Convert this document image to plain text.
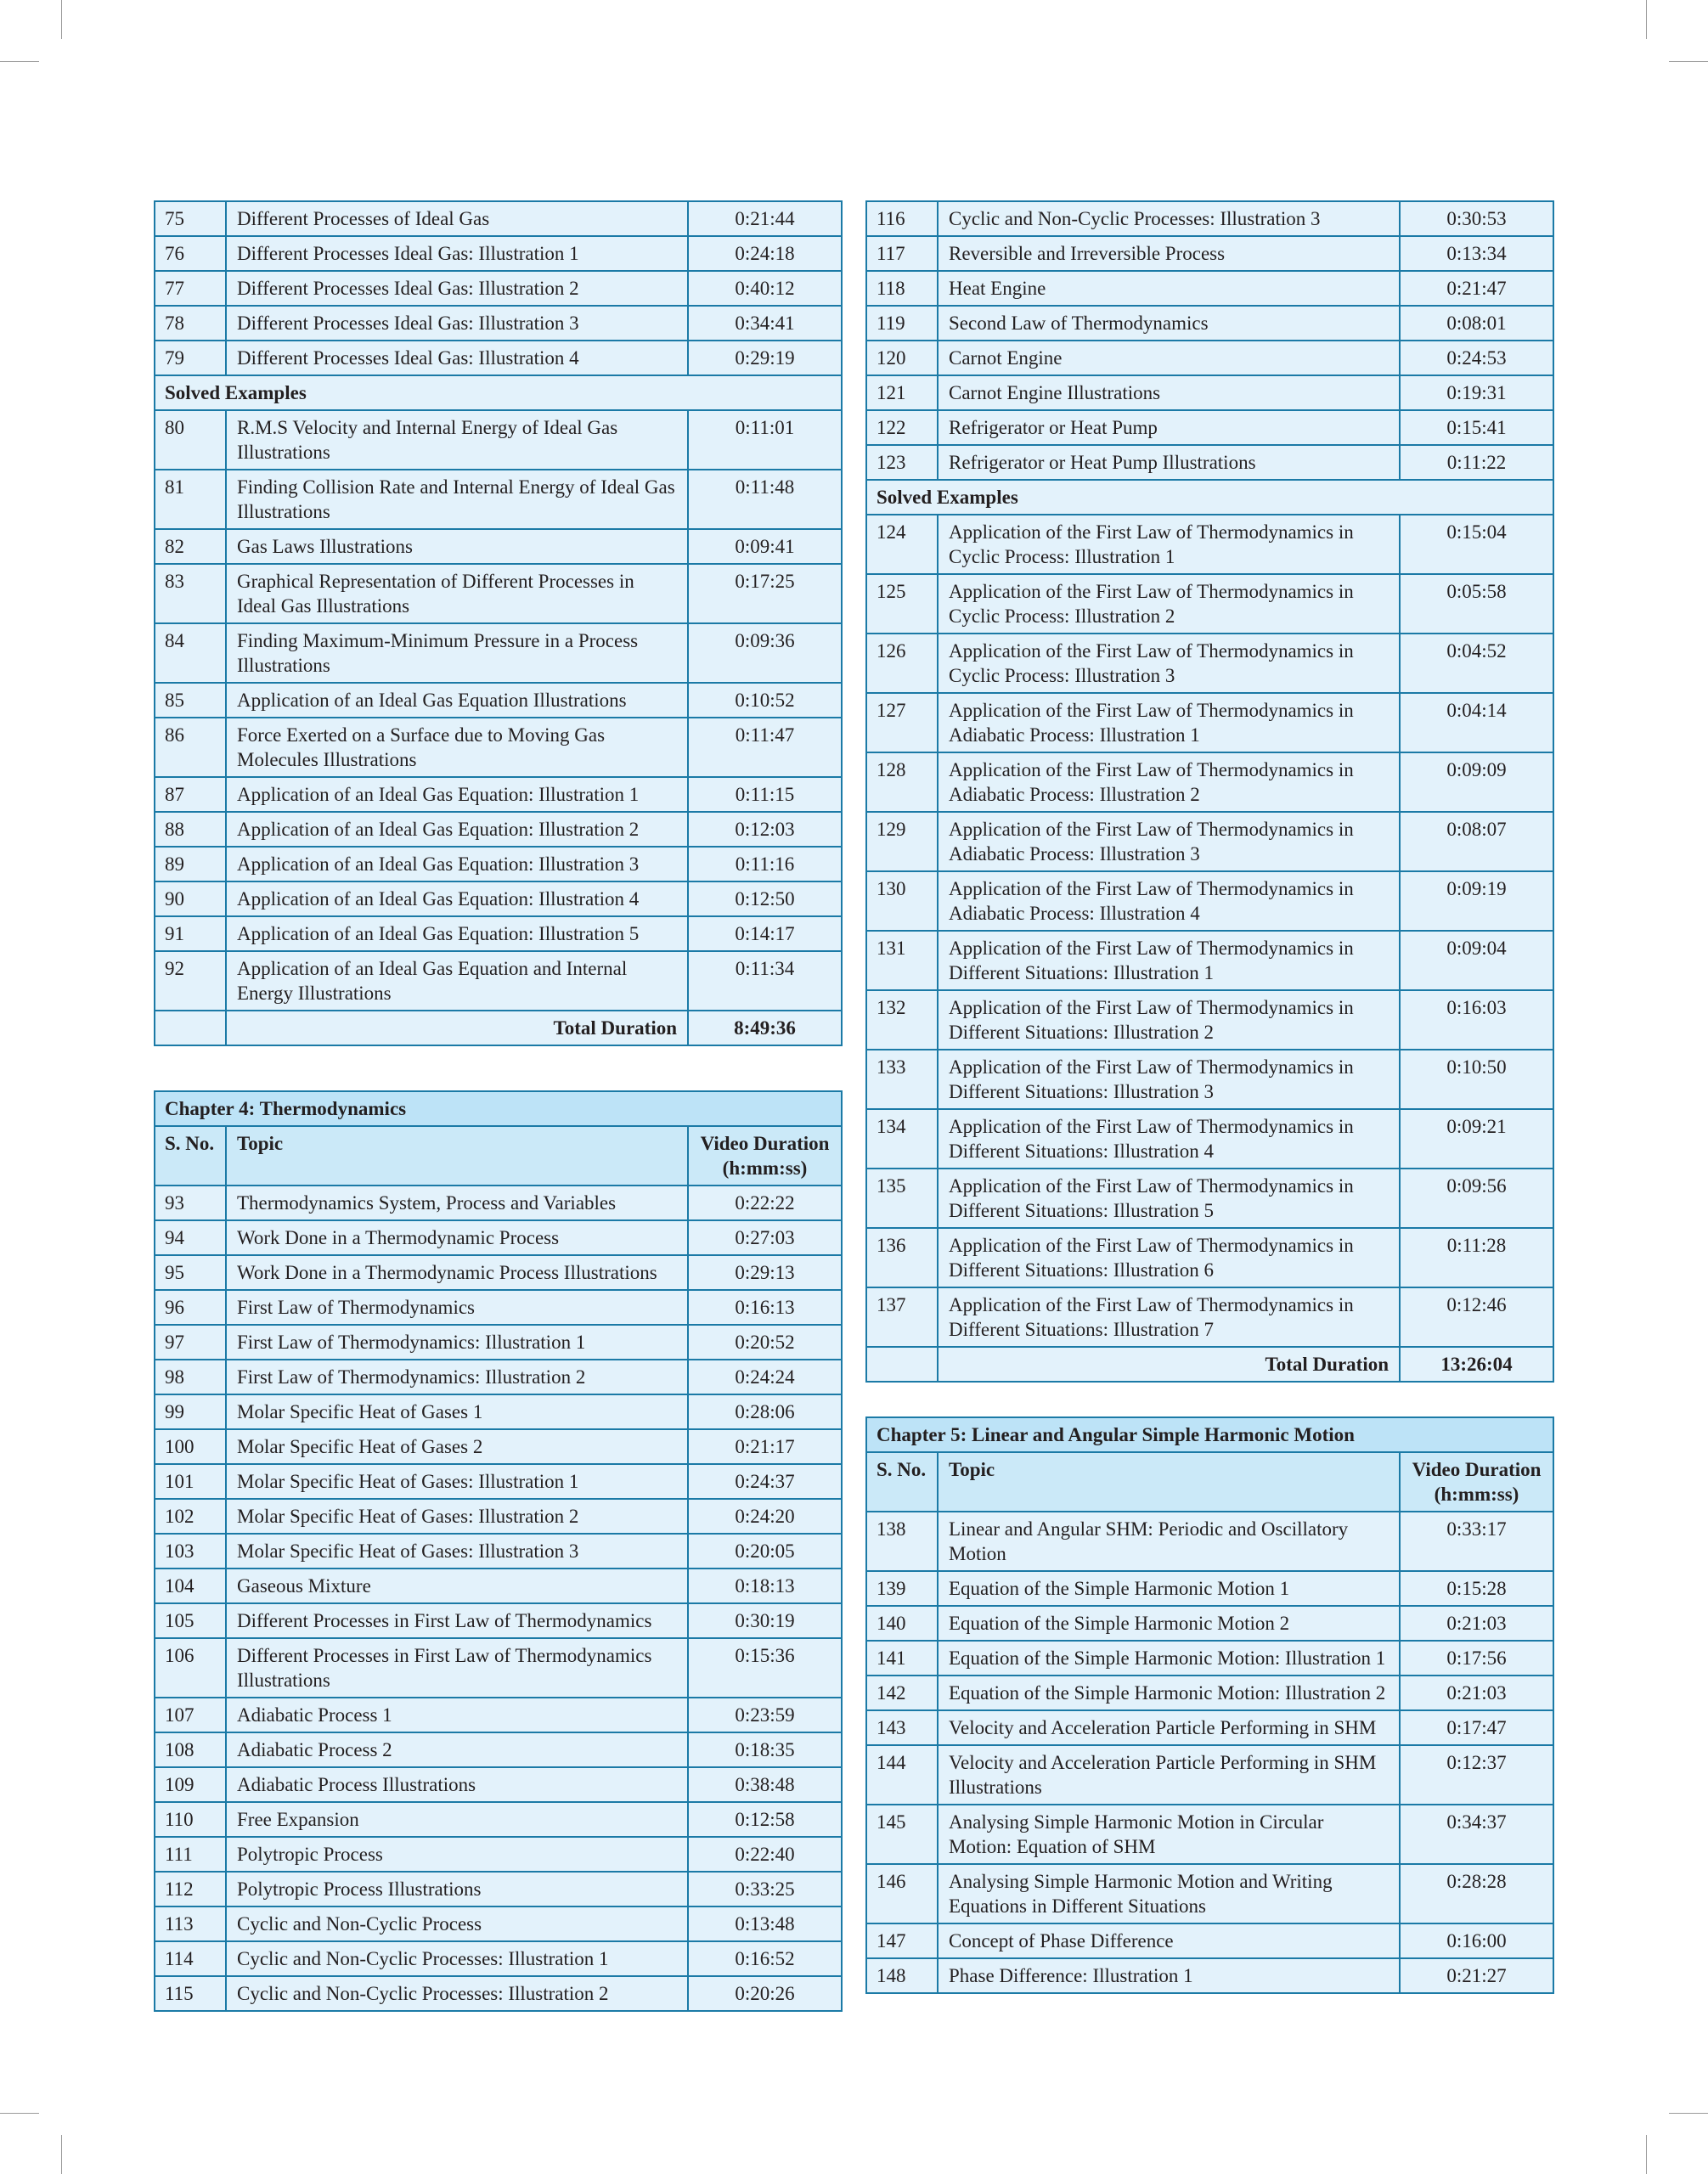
75	Different Processes of Ideal Gas	0:21:44
76	Different Processes Ideal Gas: Illustration 1	0:24:18
77	Different Processes Ideal Gas: Illustration 2	0:40:12
78	Different Processes Ideal Gas: Illustration 3	0:34:41
79	Different Processes Ideal Gas: Illustration 4	0:29:19
Solved Examples		
80	R.M.S Velocity and Internal Energy of Ideal Gas Illustrations	0:11:01
81	Finding Collision Rate and Internal Energy of Ideal Gas Illustrations	0:11:48
82	Gas Laws Illustrations	0:09:41
83	Graphical Representation of Different Processes in Ideal Gas Illustrations	0:17:25
84	Finding Maximum-Minimum Pressure in a Process Illustrations	0:09:36
85	Application of an Ideal Gas Equation Illustrations	0:10:52
86	Force Exerted on a Surface due to Moving Gas Molecules Illustrations	0:11:47
87	Application of an Ideal Gas Equation: Illustration 1	0:11:15
88	Application of an Ideal Gas Equation: Illustration 2	0:12:03
89	Application of an Ideal Gas Equation: Illustration 3	0:11:16
90	Application of an Ideal Gas Equation: Illustration 4	0:12:50
91	Application of an Ideal Gas Equation: Illustration 5	0:14:17
92	Application of an Ideal Gas Equation and Internal Energy Illustrations	0:11:34
	Total Duration	8:49:36
Chapter 4: Thermodynamics		
S. No.	Topic	Video Duration
(h:mm:ss)
93	Thermodynamics System, Process and Variables	0:22:22
94	Work Done in a Thermodynamic Process	0:27:03
95	Work Done in a Thermodynamic Process Illustrations	0:29:13
96	First Law of Thermodynamics	0:16:13
97	First Law of Thermodynamics: Illustration 1	0:20:52
98	First Law of Thermodynamics: Illustration 2	0:24:24
99	Molar Specific Heat of Gases 1	0:28:06
100	Molar Specific Heat of Gases 2	0:21:17
101	Molar Specific Heat of Gases: Illustration 1	0:24:37
102	Molar Specific Heat of Gases: Illustration 2	0:24:20
103	Molar Specific Heat of Gases: Illustration 3	0:20:05
104	Gaseous Mixture	0:18:13
105	Different Processes in First Law of Thermodynamics	0:30:19
106	Different Processes in First Law of Thermodynamics Illustrations	0:15:36
107	Adiabatic Process 1	0:23:59
108	Adiabatic Process 2	0:18:35
109	Adiabatic Process Illustrations	0:38:48
110	Free Expansion	0:12:58
111	Polytropic Process	0:22:40
112	Polytropic Process Illustrations	0:33:25
113	Cyclic and Non-Cyclic Process	0:13:48
114	Cyclic and Non-Cyclic Processes: Illustration 1	0:16:52
115	Cyclic and Non-Cyclic Processes: Illustration 2	0:20:26
116	Cyclic and Non-Cyclic Processes: Illustration 3	0:30:53
117	Reversible and Irreversible Process	0:13:34
118	Heat Engine	0:21:47
119	Second Law of Thermodynamics	0:08:01
120	Carnot Engine	0:24:53
121	Carnot Engine Illustrations	0:19:31
122	Refrigerator or Heat Pump	0:15:41
123	Refrigerator or Heat Pump Illustrations	0:11:22
Solved Examples		
124	Application of the First Law of Thermodynamics in Cyclic Process: Illustration 1	0:15:04
125	Application of the First Law of Thermodynamics in Cyclic Process: Illustration 2	0:05:58
126	Application of the First Law of Thermodynamics in Cyclic Process: Illustration 3	0:04:52
127	Application of the First Law of Thermodynamics in Adiabatic Process: Illustration 1	0:04:14
128	Application of the First Law of Thermodynamics in Adiabatic Process: Illustration 2	0:09:09
129	Application of the First Law of Thermodynamics in Adiabatic Process: Illustration 3	0:08:07
130	Application of the First Law of Thermodynamics in Adiabatic Process: Illustration 4	0:09:19
131	Application of the First Law of Thermodynamics in Different Situations: Illustration 1	0:09:04
132	Application of the First Law of Thermodynamics in Different Situations: Illustration 2	0:16:03
133	Application of the First Law of Thermodynamics in Different Situations: Illustration 3	0:10:50
134	Application of the First Law of Thermodynamics in Different Situations: Illustration 4	0:09:21
135	Application of the First Law of Thermodynamics in Different Situations: Illustration 5	0:09:56
136	Application of the First Law of Thermodynamics in Different Situations: Illustration 6	0:11:28
137	Application of the First Law of Thermodynamics in Different Situations: Illustration 7	0:12:46
	Total Duration	13:26:04
Chapter 5: Linear and Angular Simple Harmonic Motion		
S. No.	Topic	Video Duration
(h:mm:ss)
138	Linear and Angular SHM: Periodic and Oscillatory Motion	0:33:17
139	Equation of the Simple Harmonic Motion 1	0:15:28
140	Equation of the Simple Harmonic Motion 2	0:21:03
141	Equation of the Simple Harmonic Motion: Illustration 1	0:17:56
142	Equation of the Simple Harmonic Motion: Illustration 2	0:21:03
143	Velocity and Acceleration Particle Performing in SHM	0:17:47
144	Velocity and Acceleration Particle Performing in SHM Illustrations	0:12:37
145	Analysing Simple Harmonic Motion in Circular Motion: Equation of SHM	0:34:37
146	Analysing Simple Harmonic Motion and Writing Equations in Different Situations	0:28:28
147	Concept of Phase Difference	0:16:00
148	Phase Difference: Illustration 1	0:21:27
